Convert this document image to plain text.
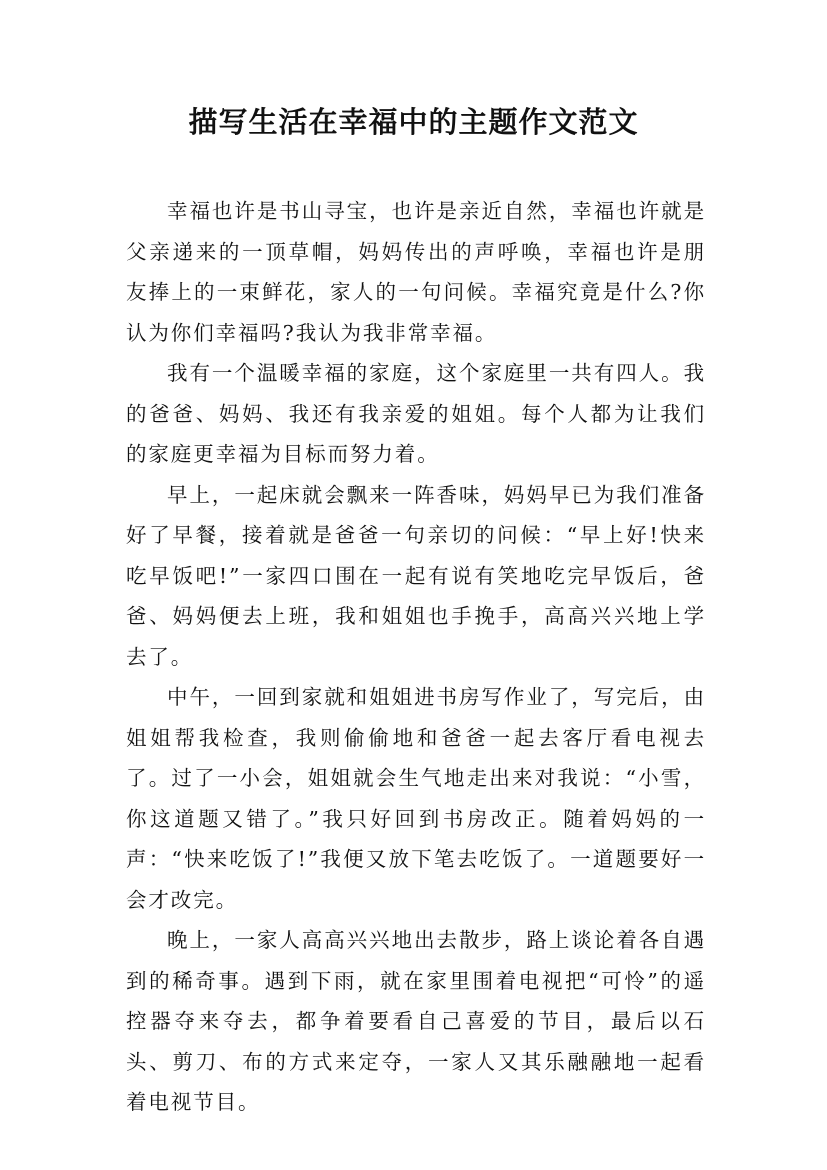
描写生活在幸福中的主题作文范文

幸福也许是书山寻宝，也许是亲近自然，幸福也许就是父亲递来的一顶草帽，妈妈传出的声呼唤，幸福也许是朋友捧上的一束鲜花，家人的一句问候。幸福究竟是什么?你认为你们幸福吗?我认为我非常幸福。

我有一个温暖幸福的家庭，这个家庭里一共有四人。我的爸爸、妈妈、我还有我亲爱的姐姐。每个人都为让我们的家庭更幸福为目标而努力着。

早上，一起床就会飘来一阵香味，妈妈早已为我们准备好了早餐，接着就是爸爸一句亲切的问候：“早上好!快来吃早饭吧!”一家四口围在一起有说有笑地吃完早饭后，爸爸、妈妈便去上班，我和姐姐也手挽手，高高兴兴地上学去了。

中午，一回到家就和姐姐进书房写作业了，写完后，由姐姐帮我检查，我则偷偷地和爸爸一起去客厅看电视去了。过了一小会，姐姐就会生气地走出来对我说：“小雪，你这道题又错了。”我只好回到书房改正。随着妈妈的一声：“快来吃饭了!”我便又放下笔去吃饭了。一道题要好一会才改完。

晚上，一家人高高兴兴地出去散步，路上谈论着各自遇到的稀奇事。遇到下雨，就在家里围着电视把“可怜”的遥控器夺来夺去，都争着要看自己喜爱的节目，最后以石头、剪刀、布的方式来定夺，一家人又其乐融融地一起看着电视节目。
